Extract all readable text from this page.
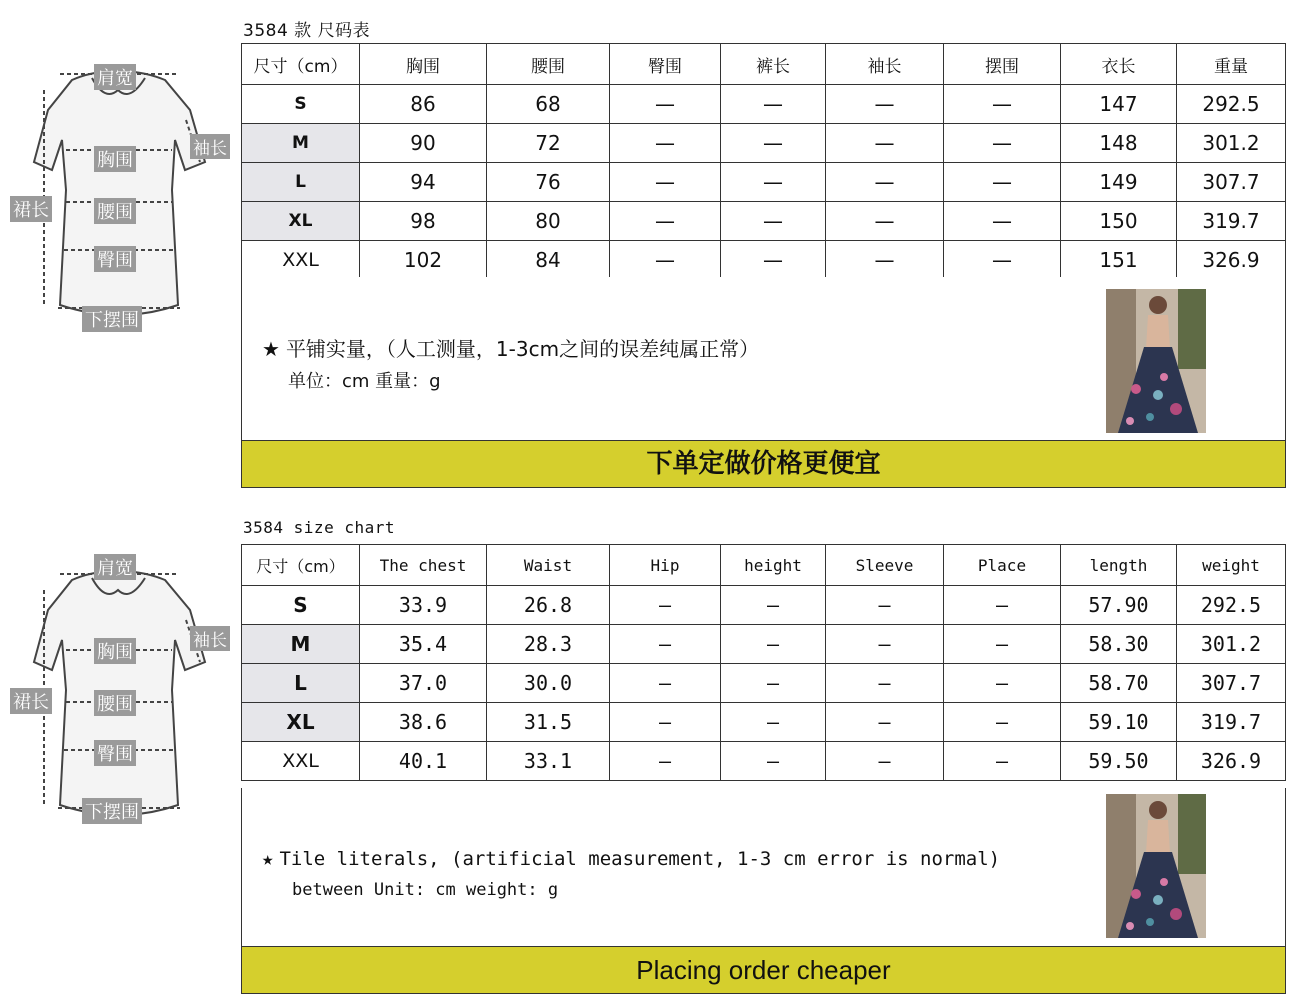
肩宽
袖长
胸围
裙长	腰围
臀围
下摆围
3584 款 尺码表
尺寸（cm）	胸围	腰围	臀围	裤长	袖长	摆围	衣长	重量
S	86	68	—	—	—	—	147	292.5
M	90	72	—	—	—	—	148	301.2
L	94	76	—	—	—	—	149	307.7
XL	98	80	—	—	—	—	150	319.7
XXL	102	84	—	—	—	—	151	326.9
★ 平铺实量，（人工测量，1-3cm之间的误差纯属正常）
单位：cm 重量：g
下单定做价格更便宜
肩宽
袖长
胸围
裙长	腰围
臀围
下摆围
3584 size chart
尺寸（cm）	The chest	Waist	Hip	height	Sleeve	Place	length	weight
S	33.9	26.8	—	—	—	—	57.90	292.5
M	35.4	28.3	—	—	—	—	58.30	301.2
L	37.0	30.0	—	—	—	—	58.70	307.7
XL	38.6	31.5	—	—	—	—	59.10	319.7
XXL	40.1	33.1	—	—	—	—	59.50	326.9
★ Tile literals, (artificial measurement, 1-3 cm error is normal)
between Unit: cm weight: g
Placing order cheaper
